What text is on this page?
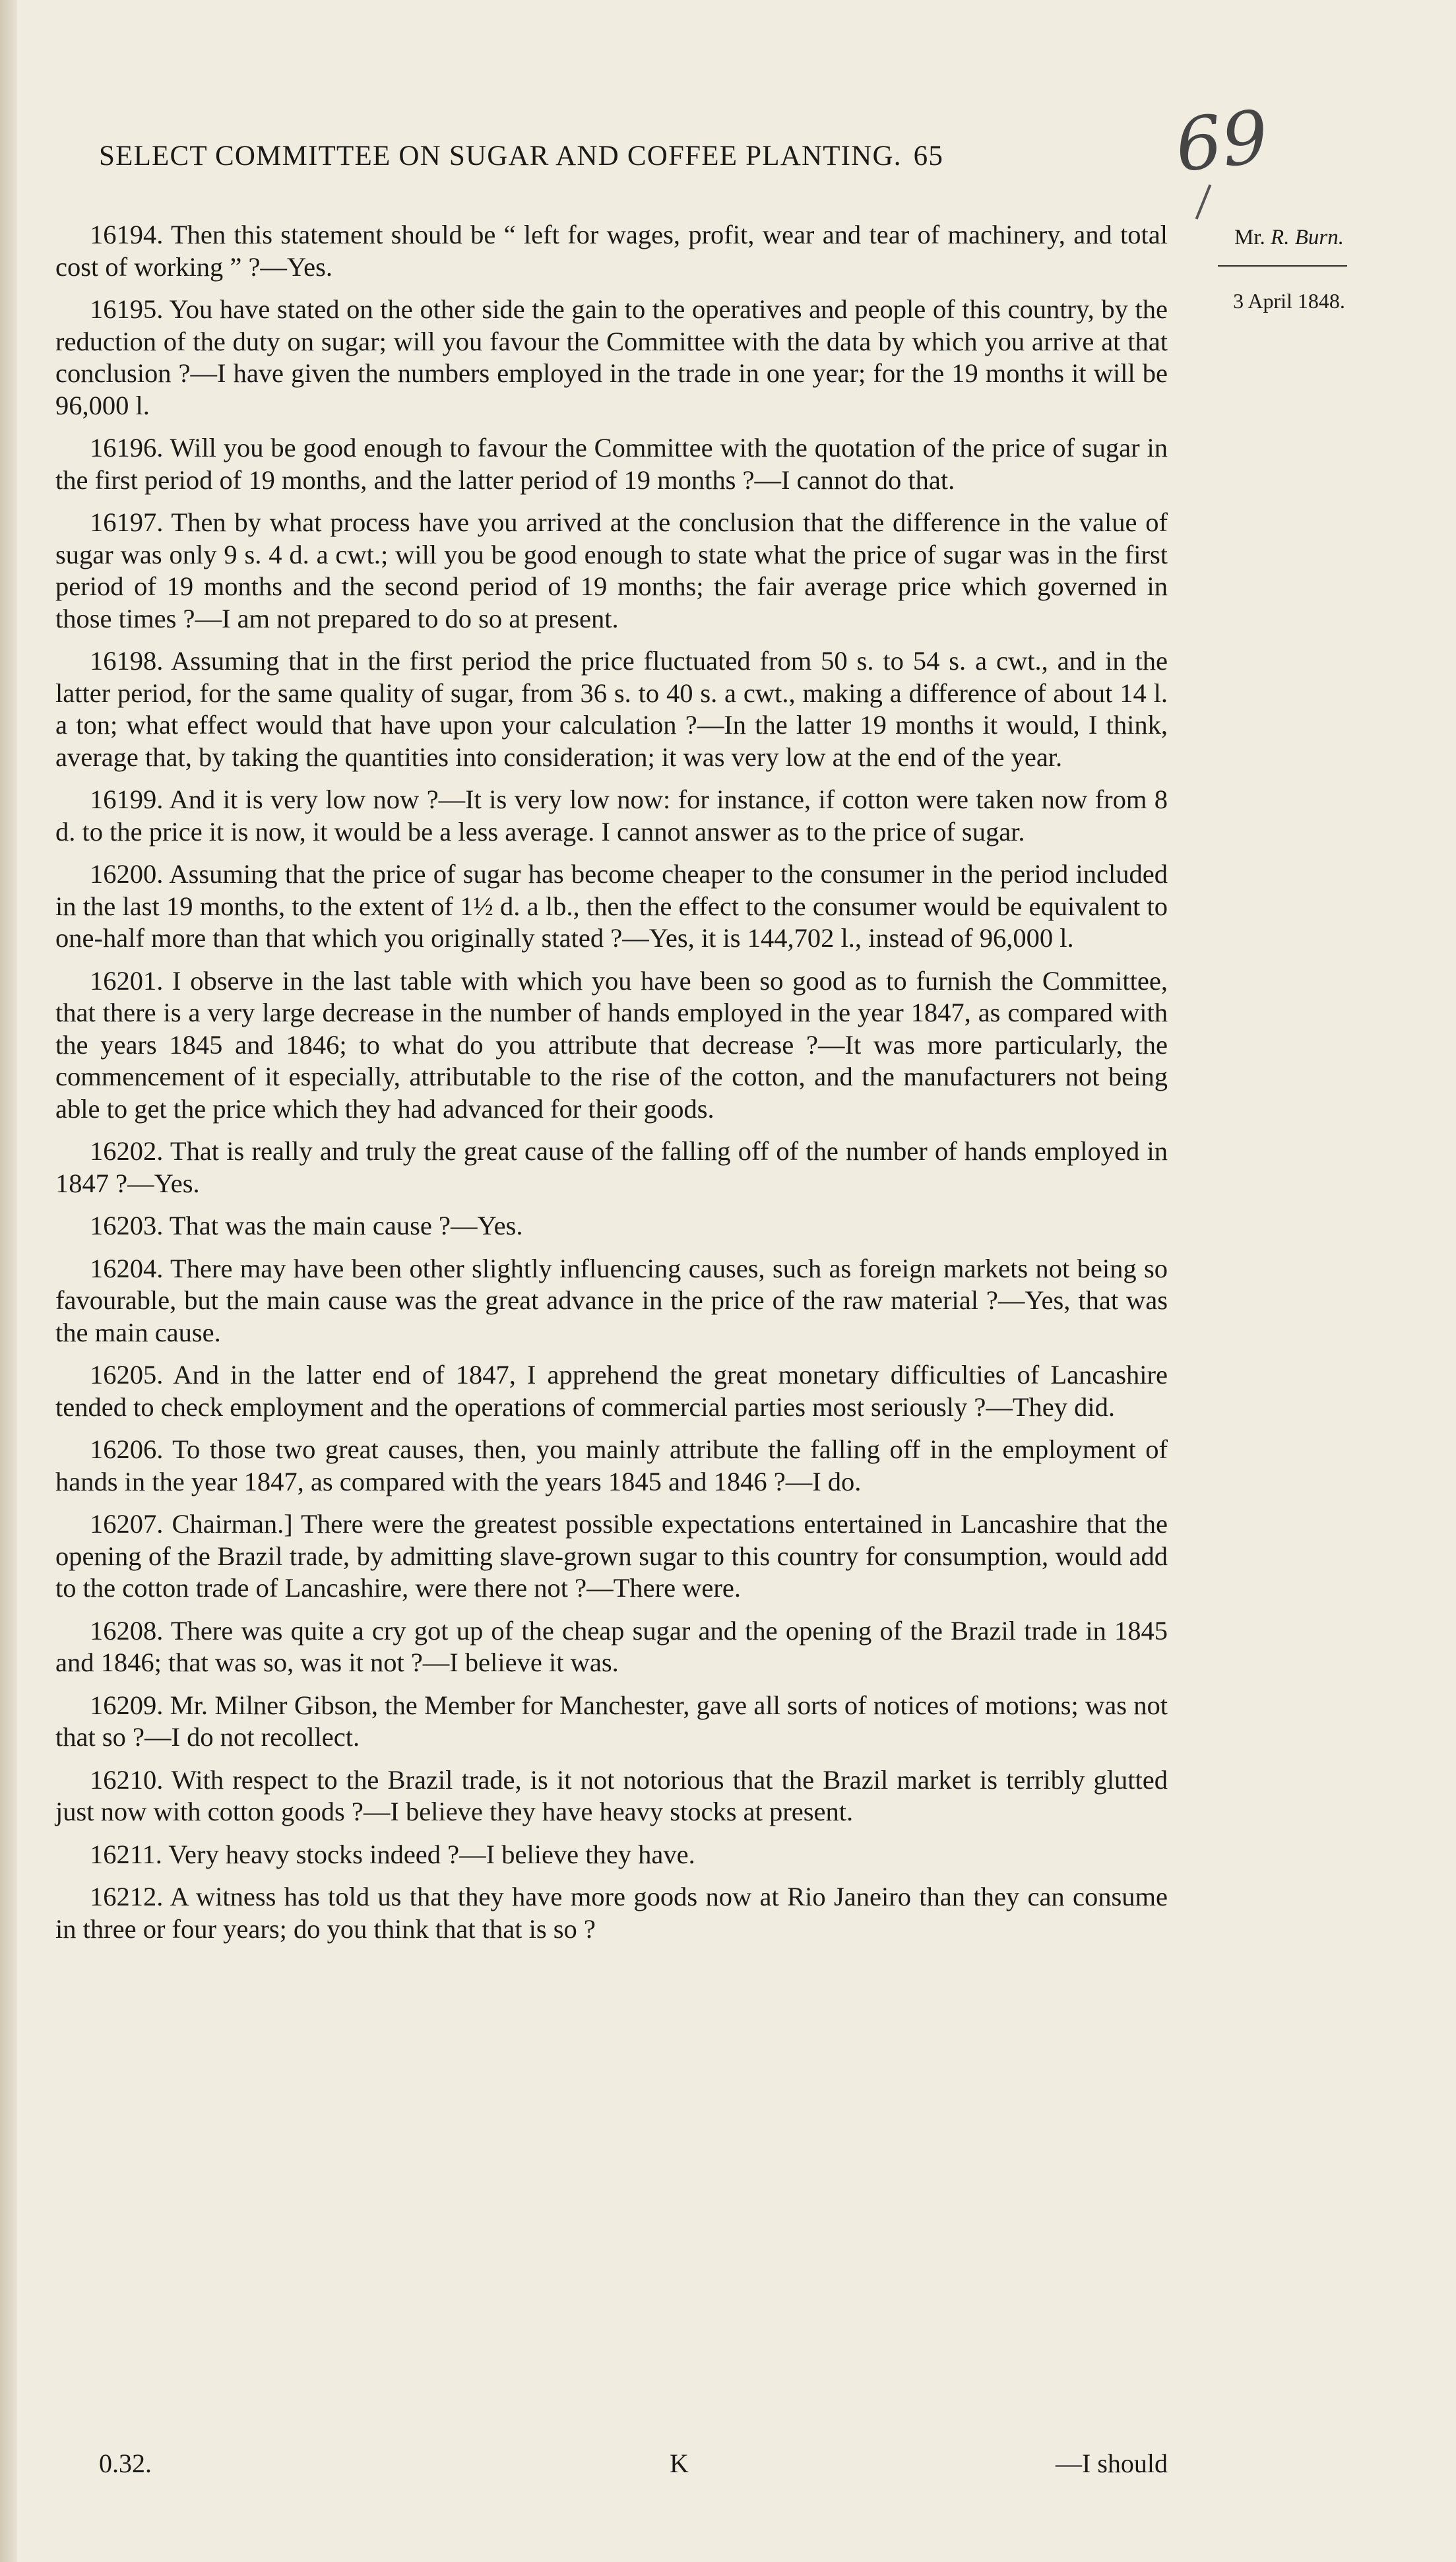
SELECT COMMITTEE ON SUGAR AND COFFEE PLANTING. 65	69
Mr. R. Burn.
3 April 1848.

16194. Then this statement should be “ left for wages, profit, wear and tear of machinery, and total cost of working ” ?—Yes.

16195. You have stated on the other side the gain to the operatives and people of this country, by the reduction of the duty on sugar; will you favour the Committee with the data by which you arrive at that conclusion ?—I have given the numbers employed in the trade in one year; for the 19 months it will be 96,000 l.

16196. Will you be good enough to favour the Committee with the quotation of the price of sugar in the first period of 19 months, and the latter period of 19 months ?—I cannot do that.

16197. Then by what process have you arrived at the conclusion that the difference in the value of sugar was only 9 s. 4 d. a cwt.; will you be good enough to state what the price of sugar was in the first period of 19 months and the second period of 19 months; the fair average price which governed in those times ?—I am not prepared to do so at present.

16198. Assuming that in the first period the price fluctuated from 50 s. to 54 s. a cwt., and in the latter period, for the same quality of sugar, from 36 s. to 40 s. a cwt., making a difference of about 14 l. a ton; what effect would that have upon your calculation ?—In the latter 19 months it would, I think, average that, by taking the quantities into consideration; it was very low at the end of the year.

16199. And it is very low now ?—It is very low now: for instance, if cotton were taken now from 8 d. to the price it is now, it would be a less average. I cannot answer as to the price of sugar.

16200. Assuming that the price of sugar has become cheaper to the consumer in the period included in the last 19 months, to the extent of 1½ d. a lb., then the effect to the consumer would be equivalent to one-half more than that which you originally stated ?—Yes, it is 144,702 l., instead of 96,000 l.

16201. I observe in the last table with which you have been so good as to furnish the Committee, that there is a very large decrease in the number of hands employed in the year 1847, as compared with the years 1845 and 1846; to what do you attribute that decrease ?—It was more particularly, the commencement of it especially, attributable to the rise of the cotton, and the manufacturers not being able to get the price which they had advanced for their goods.

16202. That is really and truly the great cause of the falling off of the number of hands employed in 1847 ?—Yes.

16203. That was the main cause ?—Yes.

16204. There may have been other slightly influencing causes, such as foreign markets not being so favourable, but the main cause was the great advance in the price of the raw material ?—Yes, that was the main cause.

16205. And in the latter end of 1847, I apprehend the great monetary difficulties of Lancashire tended to check employment and the operations of commercial parties most seriously ?—They did.

16206. To those two great causes, then, you mainly attribute the falling off in the employment of hands in the year 1847, as compared with the years 1845 and 1846 ?—I do.

16207. Chairman.] There were the greatest possible expectations entertained in Lancashire that the opening of the Brazil trade, by admitting slave-grown sugar to this country for consumption, would add to the cotton trade of Lancashire, were there not ?—There were.

16208. There was quite a cry got up of the cheap sugar and the opening of the Brazil trade in 1845 and 1846; that was so, was it not ?—I believe it was.

16209. Mr. Milner Gibson, the Member for Manchester, gave all sorts of notices of motions; was not that so ?—I do not recollect.

16210. With respect to the Brazil trade, is it not notorious that the Brazil market is terribly glutted just now with cotton goods ?—I believe they have heavy stocks at present.

16211. Very heavy stocks indeed ?—I believe they have.

16212. A witness has told us that they have more goods now at Rio Janeiro than they can consume in three or four years; do you think that that is so ?

0.32.	K	—I should
